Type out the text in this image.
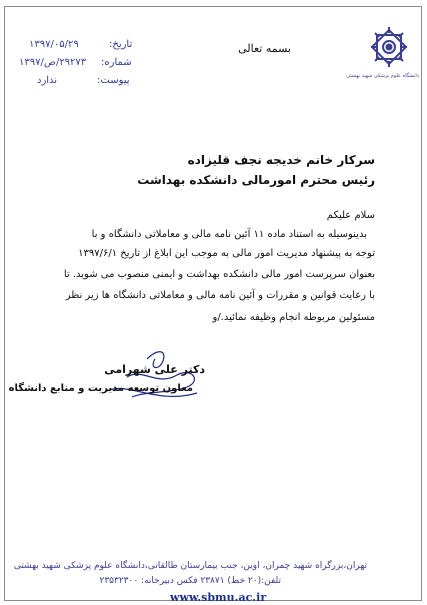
دانشگاه علوم پزشکی شهید بهشتی
بسمه تعالی
تاریخ:
۱۳۹۷/۰۵/۲۹
شماره:
۲۹۲۷۳/ص/۱۳۹۷
پیوست:
ندارد
سرکار خانم خدیجه نجف قلیزاده
رئیس محترم امورمالی دانشکده بهداشت
سلام علیکم
بدینوسیله به استناد ماده ۱۱ آئین نامه مالی و معاملاتی دانشگاه و با
توجه به پیشنهاد مدیریت امور مالی به موجب این ابلاغ از تاریخ ۱۳۹۷/۶/۱
بعنوان سرپرست امور مالی دانشکده بهداشت و ایمنی منصوب می شوید. تا
با رعایت قوانین و مقررات و آئین نامه مالی و معاملاتی دانشگاه ها زیر نظر
مسئولین مربوطه انجام وظیفه نمائید./و
دکتر علی شهرامی
معاون توسعه مدیریت و منابع دانشگاه
تهران،بزرگراه شهید چمران، اوین، جنب بیمارستان طالقانی،دانشگاه علوم پزشکی شهید بهشتی
تلفن:(۲۰ خط) ۲۳۸۷۱ فکس دبیرخانه: ۲۳۵۳۲۳۰۰
www.sbmu.ac.ir
